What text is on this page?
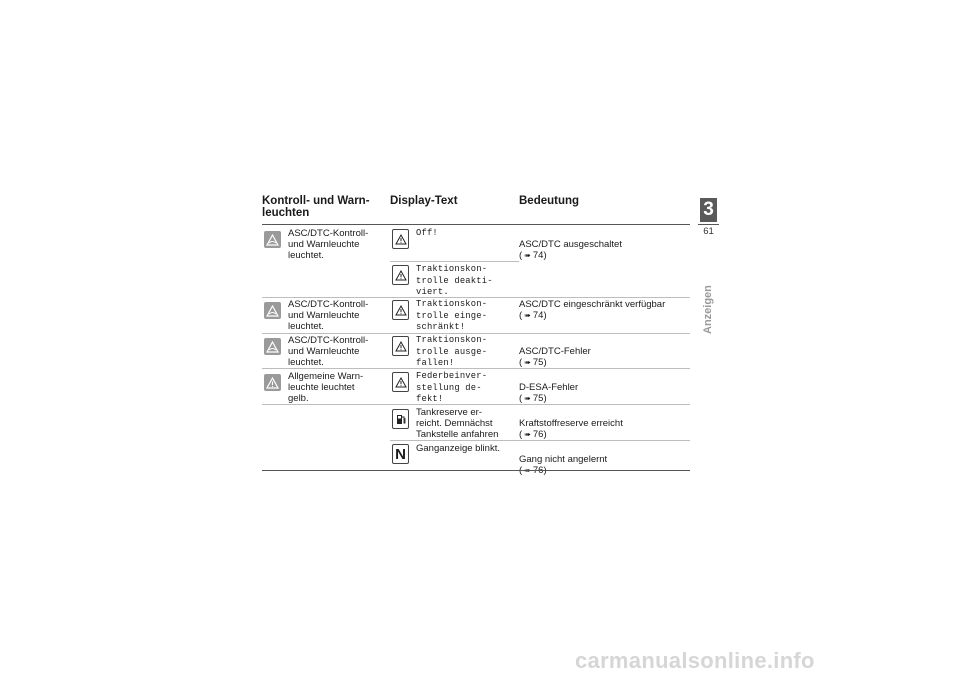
Kontroll- und Warn-
leuchten
Display-Text	Bedeutung
ASC/DTC-Kontroll-
und Warnleuchte
leuchtet.
Off!

ASC/DTC ausgeschaltet
( ➠ 74)

Traktionskon-
trolle deakti-
viert.
ASC/DTC-Kontroll-
und Warnleuchte
leuchtet.
Traktionskon-
trolle einge-
schränkt!
ASC/DTC eingeschränkt verfügbar
( ➠ 74)
ASC/DTC-Kontroll-
und Warnleuchte
leuchtet.
Traktionskon-
trolle ausge-
fallen!

ASC/DTC-Fehler
( ➠ 75)

Allgemeine Warn-
leuchte leuchtet
gelb.
Federbeinver-
stellung de-
fekt!

D-ESA-Fehler
( ➠ 75)

Tankreserve er-
reicht. Demnächst
Tankstelle anfahren

Kraftstoffreserve erreicht
( ➠ 76)

N Ganganzeige blinkt.

Gang nicht angelernt
3
61
Anzeigen
carmanualsonline.info
